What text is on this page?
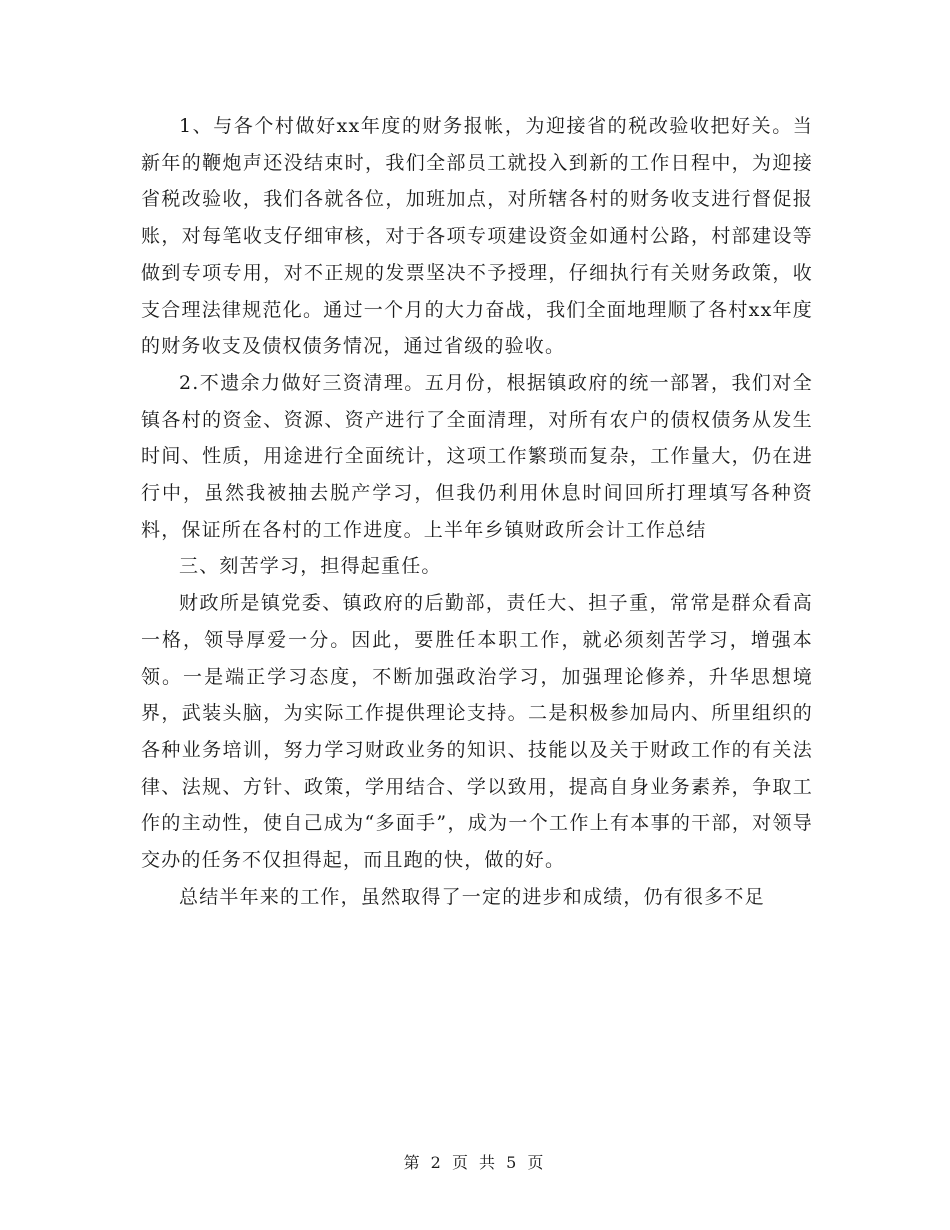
1、与各个村做好xx年度的财务报帐，为迎接省的税改验收把好关。当新年的鞭炮声还没结束时，我们全部员工就投入到新的工作日程中，为迎接省税改验收，我们各就各位，加班加点，对所辖各村的财务收支进行督促报账，对每笔收支仔细审核，对于各项专项建设资金如通村公路，村部建设等做到专项专用，对不正规的发票坚决不予授理，仔细执行有关财务政策，收支合理法律规范化。通过一个月的大力奋战，我们全面地理顺了各村xx年度的财务收支及债权债务情况，通过省级的验收。

2.不遗余力做好三资清理。五月份，根据镇政府的统一部署，我们对全镇各村的资金、资源、资产进行了全面清理，对所有农户的债权债务从发生时间、性质，用途进行全面统计，这项工作繁琐而复杂，工作量大，仍在进行中，虽然我被抽去脱产学习，但我仍利用休息时间回所打理填写各种资料，保证所在各村的工作进度。上半年乡镇财政所会计工作总结

三、刻苦学习，担得起重任。

财政所是镇党委、镇政府的后勤部，责任大、担子重，常常是群众看高一格，领导厚爱一分。因此，要胜任本职工作，就必须刻苦学习，增强本领。一是端正学习态度，不断加强政治学习，加强理论修养，升华思想境界，武装头脑，为实际工作提供理论支持。二是积极参加局内、所里组织的各种业务培训，努力学习财政业务的知识、技能以及关于财政工作的有关法律、法规、方针、政策，学用结合、学以致用，提高自身业务素养，争取工作的主动性，使自己成为“多面手”，成为一个工作上有本事的干部，对领导交办的任务不仅担得起，而且跑的快，做的好。

总结半年来的工作，虽然取得了一定的进步和成绩，仍有很多不足

第 2 页 共 5 页
